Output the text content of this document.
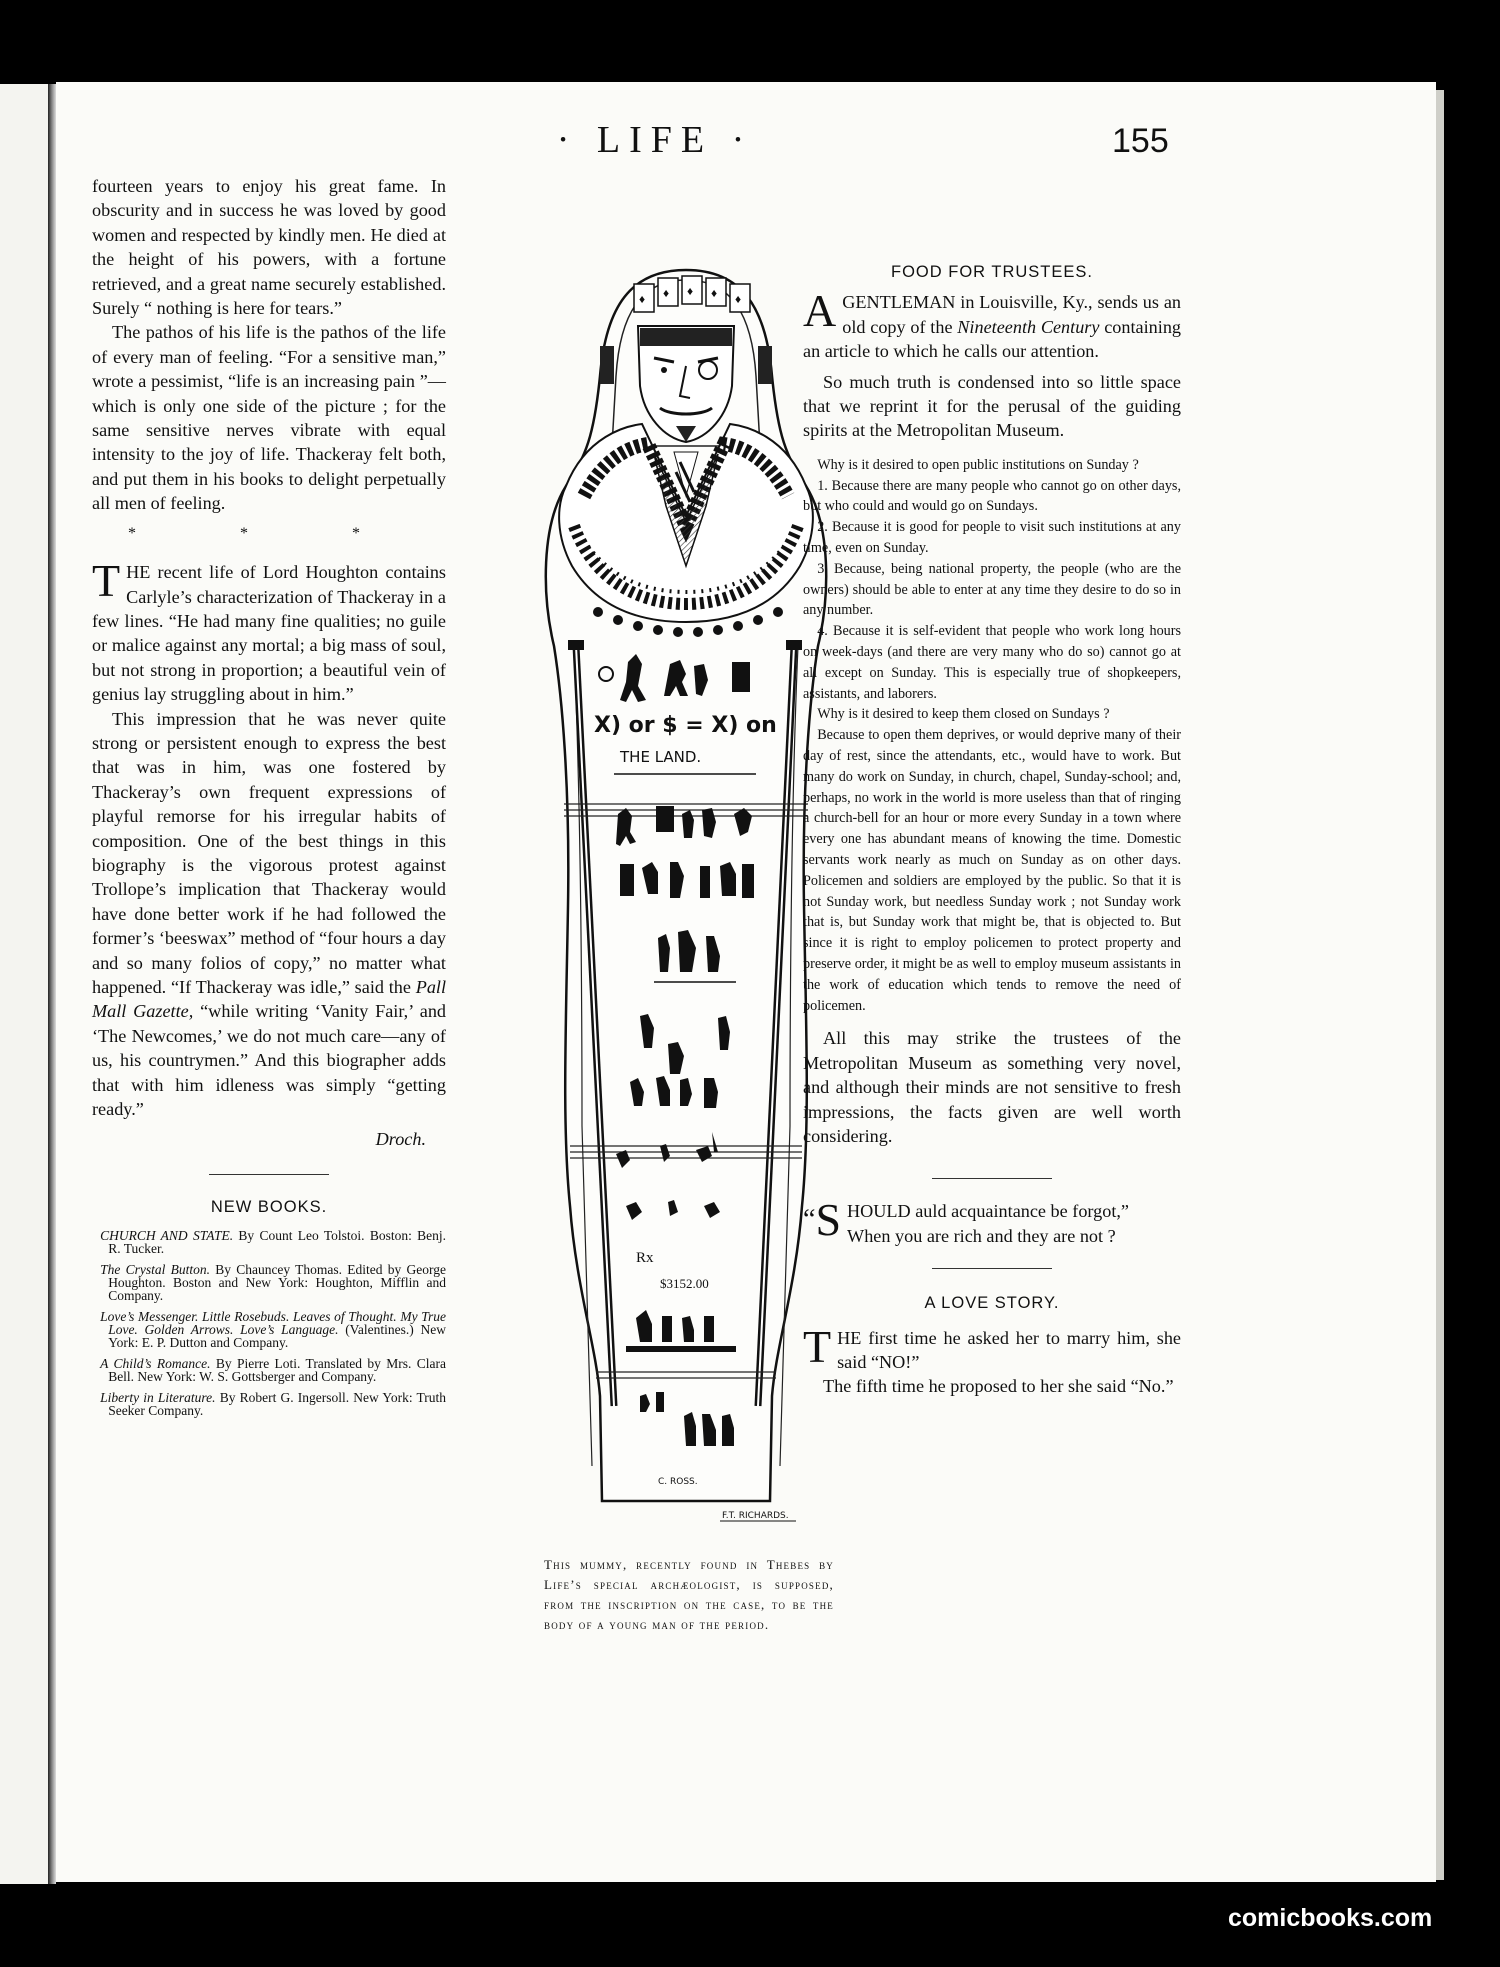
· LIFE ·	155

fourteen years to enjoy his great fame. In obscurity and in success he was loved by good women and respected by kindly men. He died at the height of his powers, with a fortune retrieved, and a great name securely established. Surely “ nothing is here for tears.”

The pathos of his life is the pathos of the life of every man of feeling. “For a sensitive man,” wrote a pessimist, “life is an increasing pain ”—which is only one side of the picture ; for the same sensitive nerves vibrate with equal intensity to the joy of life. Thackeray felt both, and put them in his books to delight perpetually all men of feeling.

* * *

THE recent life of Lord Houghton contains Carlyle’s characterization of Thackeray in a few lines. “He had many fine qualities; no guile or malice against any mortal; a big mass of soul, but not strong in proportion; a beautiful vein of genius lay struggling about in him.”

This impression that he was never quite strong or persistent enough to express the best that was in him, was one fostered by Thackeray’s own frequent expressions of playful remorse for his irregular habits of composition. One of the best things in this biography is the vigorous protest against Trollope’s implication that Thackeray would have done better work if he had followed the former’s ‘beeswax” method of “four hours a day and so many folios of copy,” no matter what happened. “If Thackeray was idle,” said the Pall Mall Gazette, “while writing ‘Vanity Fair,’ and ‘The Newcomes,’ we do not much care—any of us, his countrymen.” And this biographer adds that with him idleness was simply “getting ready.”

Droch.
NEW BOOKS.

CHURCH AND STATE. By Count Leo Tolstoi. Boston: Benj. R. Tucker.

The Crystal Button. By Chauncey Thomas. Edited by George Houghton. Boston and New York: Houghton, Mifflin and Company.

Love’s Messenger. Little Rosebuds. Leaves of Thought. My True Love. Golden Arrows. Love’s Language. (Valentines.) New York: E. P. Dutton and Company.

A Child’s Romance. By Pierre Loti. Translated by Mrs. Clara Bell. New York: W. S. Gottsberger and Company.

Liberty in Literature. By Robert G. Ingersoll. New York: Truth Seeker Company.

♦ ♦ ♦ ♦ ♦
X) or $ = X) on
THE LAND.
Rx
$3152.00
C. ROSS.
F.T. RICHARDS.
This mummy, recently found in Thebes by Life’s special archæologist, is supposed, from the inscription on the case, to be the body of a young man of the period.
FOOD FOR TRUSTEES.

AGENTLEMAN in Louisville, Ky., sends us an old copy of the Nineteenth Century containing an article to which he calls our attention.

So much truth is condensed into so little space that we reprint it for the perusal of the guiding spirits at the Metropolitan Museum.

Why is it desired to open public institutions on Sunday ?

1. Because there are many people who cannot go on other days, but who could and would go on Sundays.

2. Because it is good for people to visit such institutions at any time, even on Sunday.

3. Because, being national property, the people (who are the owners) should be able to enter at any time they desire to do so in any number.

4. Because it is self-evident that people who work long hours on week-days (and there are very many who do so) cannot go at all except on Sunday. This is especially true of shopkeepers, assistants, and laborers.

Why is it desired to keep them closed on Sundays ?

Because to open them deprives, or would deprive many of their day of rest, since the attendants, etc., would have to work. But many do work on Sunday, in church, chapel, Sunday-school; and, perhaps, no work in the world is more useless than that of ringing a church-bell for an hour or more every Sunday in a town where every one has abundant means of knowing the time. Domestic servants work nearly as much on Sunday as on other days. Policemen and soldiers are employed by the public. So that it is not Sunday work, but needless Sunday work ; not Sunday work that is, but Sunday work that might be, that is objected to. But since it is right to employ policemen to protect property and preserve order, it might be as well to employ museum assistants in the work of education which tends to remove the need of policemen.

All this may strike the trustees of the Metropolitan Museum as something very novel, and although their minds are not sensitive to fresh impressions, the facts given are well worth considering.

“ S HOULD auld acquaintance be forgot,”

When you are rich and they are not ?

A LOVE STORY.

THE first time he asked her to marry him, she said “NO!”

The fifth time he proposed to her she said “No.”

comicbooks.com
